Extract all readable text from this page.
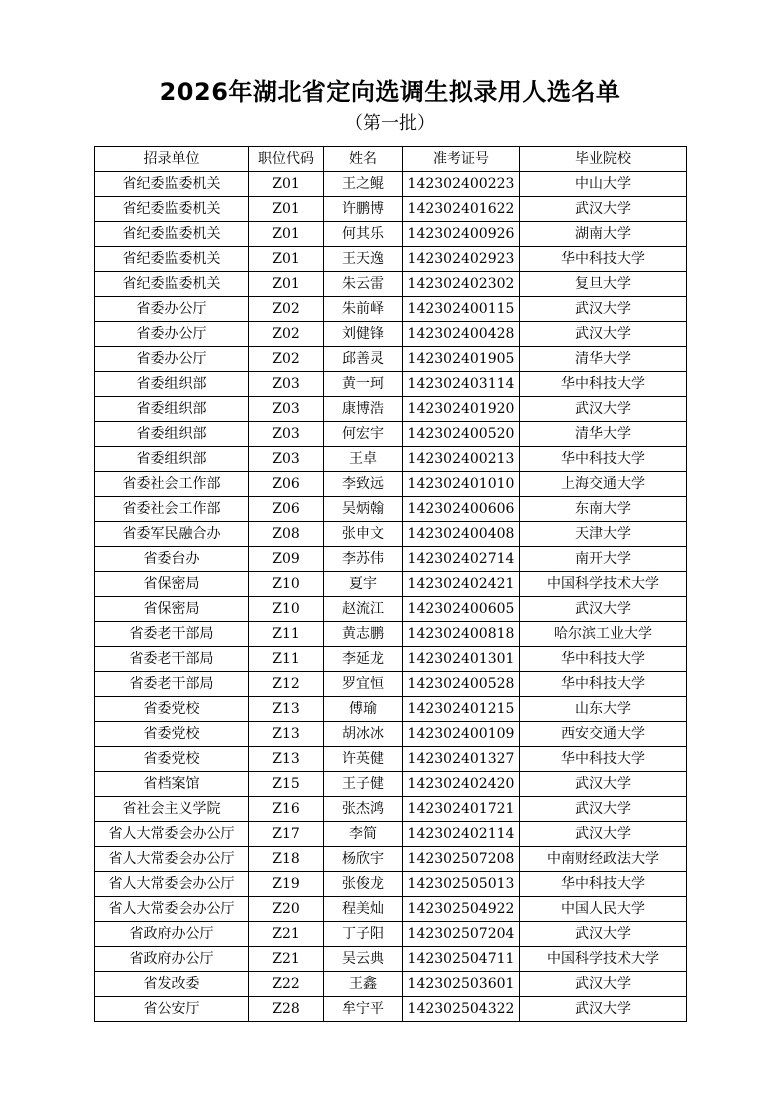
2026年湖北省定向选调生拟录用人选名单
（第一批）
招录单位	职位代码	姓名	准考证号	毕业院校
省纪委监委机关	Z01	王之鲲	142302400223	中山大学
省纪委监委机关	Z01	许鹏博	142302401622	武汉大学
省纪委监委机关	Z01	何其乐	142302400926	湖南大学
省纪委监委机关	Z01	王天逸	142302402923	华中科技大学
省纪委监委机关	Z01	朱云雷	142302402302	复旦大学
省委办公厅	Z02	朱前峄	142302400115	武汉大学
省委办公厅	Z02	刘健锋	142302400428	武汉大学
省委办公厅	Z02	邱善灵	142302401905	清华大学
省委组织部	Z03	黄一珂	142302403114	华中科技大学
省委组织部	Z03	康博浩	142302401920	武汉大学
省委组织部	Z03	何宏宇	142302400520	清华大学
省委组织部	Z03	王卓	142302400213	华中科技大学
省委社会工作部	Z06	李致远	142302401010	上海交通大学
省委社会工作部	Z06	吴炳翰	142302400606	东南大学
省委军民融合办	Z08	张申文	142302400408	天津大学
省委台办	Z09	李苏伟	142302402714	南开大学
省保密局	Z10	夏宇	142302402421	中国科学技术大学
省保密局	Z10	赵流江	142302400605	武汉大学
省委老干部局	Z11	黄志鹏	142302400818	哈尔滨工业大学
省委老干部局	Z11	李延龙	142302401301	华中科技大学
省委老干部局	Z12	罗宜恒	142302400528	华中科技大学
省委党校	Z13	傅瑜	142302401215	山东大学
省委党校	Z13	胡冰冰	142302400109	西安交通大学
省委党校	Z13	许英健	142302401327	华中科技大学
省档案馆	Z15	王子健	142302402420	武汉大学
省社会主义学院	Z16	张杰鸿	142302401721	武汉大学
省人大常委会办公厅	Z17	李简	142302402114	武汉大学
省人大常委会办公厅	Z18	杨欣宇	142302507208	中南财经政法大学
省人大常委会办公厅	Z19	张俊龙	142302505013	华中科技大学
省人大常委会办公厅	Z20	程美灿	142302504922	中国人民大学
省政府办公厅	Z21	丁子阳	142302507204	武汉大学
省政府办公厅	Z21	吴云典	142302504711	中国科学技术大学
省发改委	Z22	王鑫	142302503601	武汉大学
省公安厅	Z28	牟宁平	142302504322	武汉大学
